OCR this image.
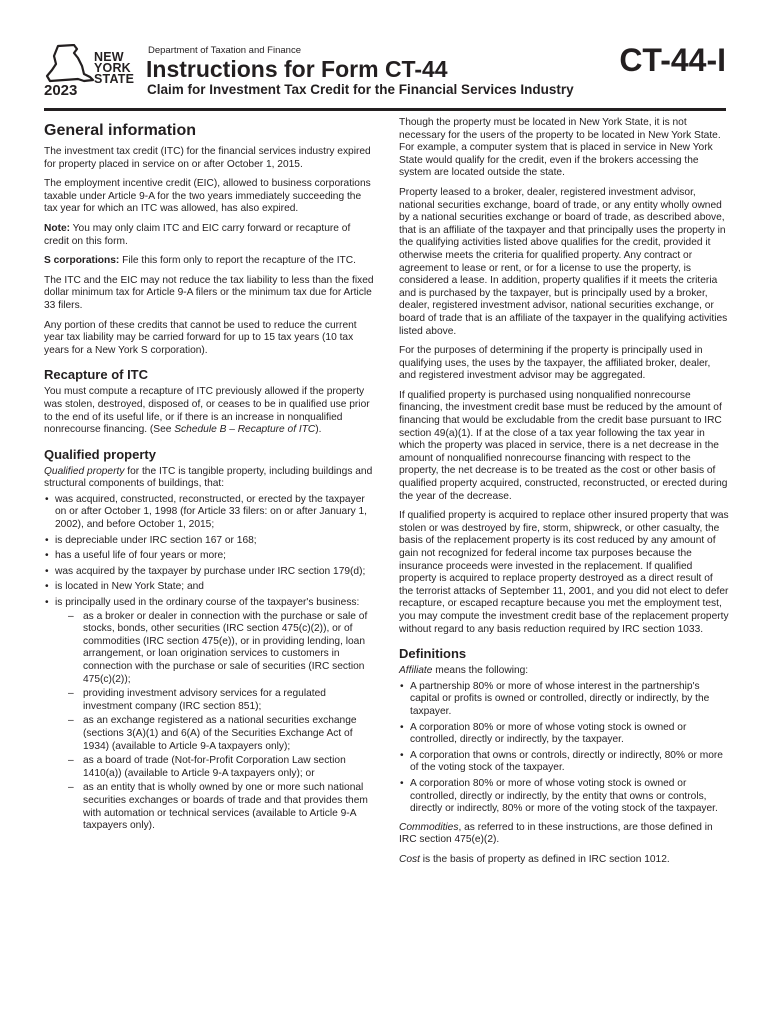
NEW
YORK
STATE
2023
Department of Taxation and Finance
Instructions for Form CT-44
Claim for Investment Tax Credit for the Financial Services Industry
CT-44-I
General information

The investment tax credit (ITC) for the financial services industry expired for property placed in service on or after October 1, 2015.

The employment incentive credit (EIC), allowed to business corporations taxable under Article 9-A for the two years immediately succeeding the tax year for which an ITC was allowed, has also expired.

Note: You may only claim ITC and EIC carry forward or recapture of credit on this form.

S corporations: File this form only to report the recapture of the ITC.

The ITC and the EIC may not reduce the tax liability to less than the fixed dollar minimum tax for Article 9-A filers or the minimum tax due for Article 33 filers.

Any portion of these credits that cannot be used to reduce the current year tax liability may be carried forward for up to 15 tax years (10 tax years for a New York S corporation).

Recapture of ITC

You must compute a recapture of ITC previously allowed if the property was stolen, destroyed, disposed of, or ceases to be in qualified use prior to the end of its useful life, or if there is an increase in nonqualified nonrecourse financing. (See Schedule B – Recapture of ITC).

Qualified property

Qualified property for the ITC is tangible property, including buildings and structural components of buildings, that:

• was acquired, constructed, reconstructed, or erected by the taxpayer on or after October 1, 1998 (for Article 33 filers: on or after January 1, 2002), and before October 1, 2015;
• is depreciable under IRC section 167 or 168;
• has a useful life of four years or more;
• was acquired by the taxpayer by purchase under IRC section 179(d);
• is located in New York State; and
• is principally used in the ordinary course of the taxpayer's business:
– as a broker or dealer in connection with the purchase or sale of stocks, bonds, other securities (IRC section 475(c)(2)), or of commodities (IRC section 475(e)), or in providing lending, loan arrangement, or loan origination services to customers in connection with the purchase or sale of securities (IRC section 475(c)(2));
– providing investment advisory services for a regulated investment company (IRC section 851);
– as an exchange registered as a national securities exchange (sections 3(A)(1) and 6(A) of the Securities Exchange Act of 1934) (available to Article 9-A taxpayers only);
– as a board of trade (Not-for-Profit Corporation Law section 1410(a)) (available to Article 9-A taxpayers only); or
– as an entity that is wholly owned by one or more such national securities exchanges or boards of trade and that provides them with automation or technical services (available to Article 9-A taxpayers only).

Though the property must be located in New York State, it is not necessary for the users of the property to be located in New York State. For example, a computer system that is placed in service in New York State would qualify for the credit, even if the brokers accessing the system are located outside the state.

Property leased to a broker, dealer, registered investment advisor, national securities exchange, board of trade, or any entity wholly owned by a national securities exchange or board of trade, as described above, that is an affiliate of the taxpayer and that principally uses the property in the qualifying activities listed above qualifies for the credit, provided it otherwise meets the criteria for qualified property. Any contract or agreement to lease or rent, or for a license to use the property, is considered a lease. In addition, property qualifies if it meets the criteria and is purchased by the taxpayer, but is principally used by a broker, dealer, registered investment advisor, national securities exchange, or board of trade that is an affiliate of the taxpayer in the qualifying activities listed above.

For the purposes of determining if the property is principally used in qualifying uses, the uses by the taxpayer, the affiliated broker, dealer, and registered investment advisor may be aggregated.

If qualified property is purchased using nonqualified nonrecourse financing, the investment credit base must be reduced by the amount of financing that would be excludable from the credit base pursuant to IRC section 49(a)(1). If at the close of a tax year following the tax year in which the property was placed in service, there is a net decrease in the amount of nonqualified nonrecourse financing with respect to the property, the net decrease is to be treated as the cost or other basis of qualified property acquired, constructed, reconstructed, or erected during the year of the decrease.

If qualified property is acquired to replace other insured property that was stolen or was destroyed by fire, storm, shipwreck, or other casualty, the basis of the replacement property is its cost reduced by any amount of gain not recognized for federal income tax purposes because the insurance proceeds were invested in the replacement. If qualified property is acquired to replace property destroyed as a direct result of the terrorist attacks of September 11, 2001, and you did not elect to defer recapture, or escaped recapture because you met the employment test, you may compute the investment credit base of the replacement property without regard to any basis reduction required by IRC section 1033.

Definitions

Affiliate means the following:

• A partnership 80% or more of whose interest in the partnership's capital or profits is owned or controlled, directly or indirectly, by the taxpayer.
• A corporation 80% or more of whose voting stock is owned or controlled, directly or indirectly, by the taxpayer.
• A corporation that owns or controls, directly or indirectly, 80% or more of the voting stock of the taxpayer.
• A corporation 80% or more of whose voting stock is owned or controlled, directly or indirectly, by the entity that owns or controls, directly or indirectly, 80% or more of the voting stock of the taxpayer.

Commodities, as referred to in these instructions, are those defined in IRC section 475(e)(2).

Cost is the basis of property as defined in IRC section 1012.
